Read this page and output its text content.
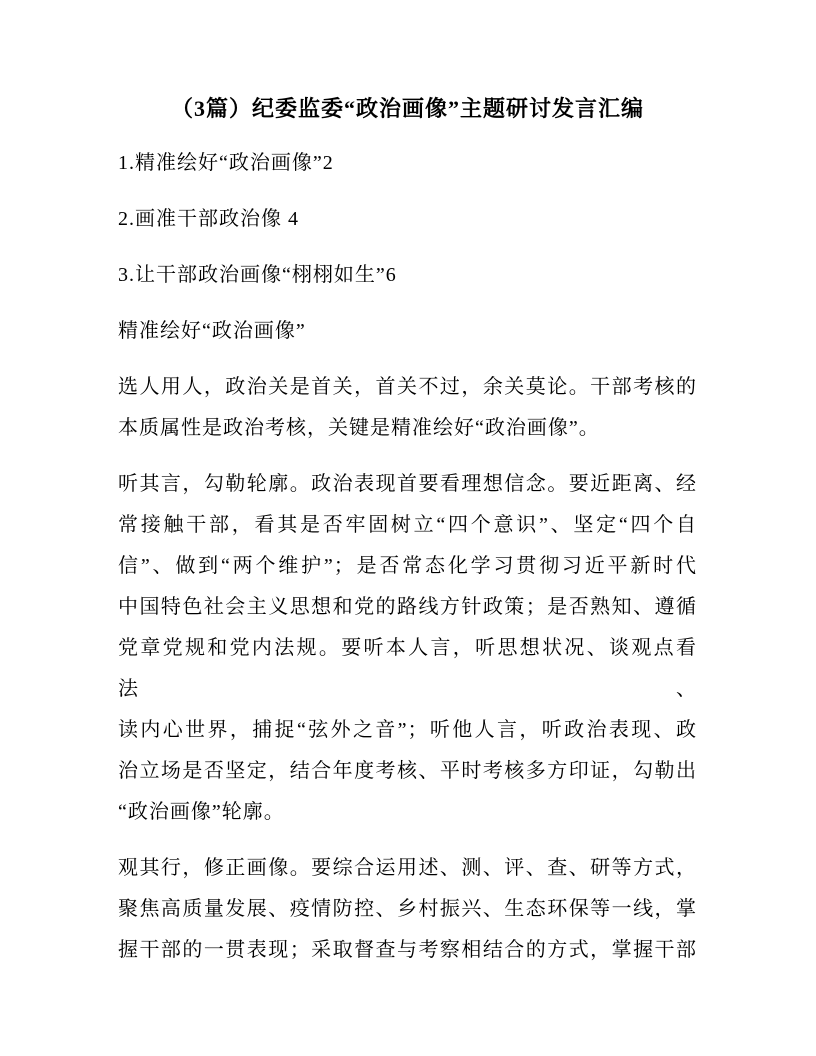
（3篇）纪委监委“政治画像”主题研讨发言汇编
1.精准绘好“政治画像”2
2.画准干部政治像 4
3.让干部政治画像“栩栩如生”6
精准绘好“政治画像”
选人用人，政治关是首关，首关不过，余关莫论。干部考核的
本质属性是政治考核，关键是精准绘好“政治画像”。
听其言，勾勒轮廓。政治表现首要看理想信念。要近距离、经
常接触干部，看其是否牢固树立“四个意识”、坚定“四个自
信”、做到“两个维护”；是否常态化学习贯彻习近平新时代
中国特色社会主义思想和党的路线方针政策；是否熟知、遵循
党章党规和党内法规。要听本人言，听思想状况、谈观点看法、
读内心世界，捕捉“弦外之音”；听他人言，听政治表现、政
治立场是否坚定，结合年度考核、平时考核多方印证，勾勒出
“政治画像”轮廓。
观其行，修正画像。要综合运用述、测、评、查、研等方式，
聚焦高质量发展、疫情防控、乡村振兴、生态环保等一线，掌
握干部的一贯表现；采取督查与考察相结合的方式，掌握干部
